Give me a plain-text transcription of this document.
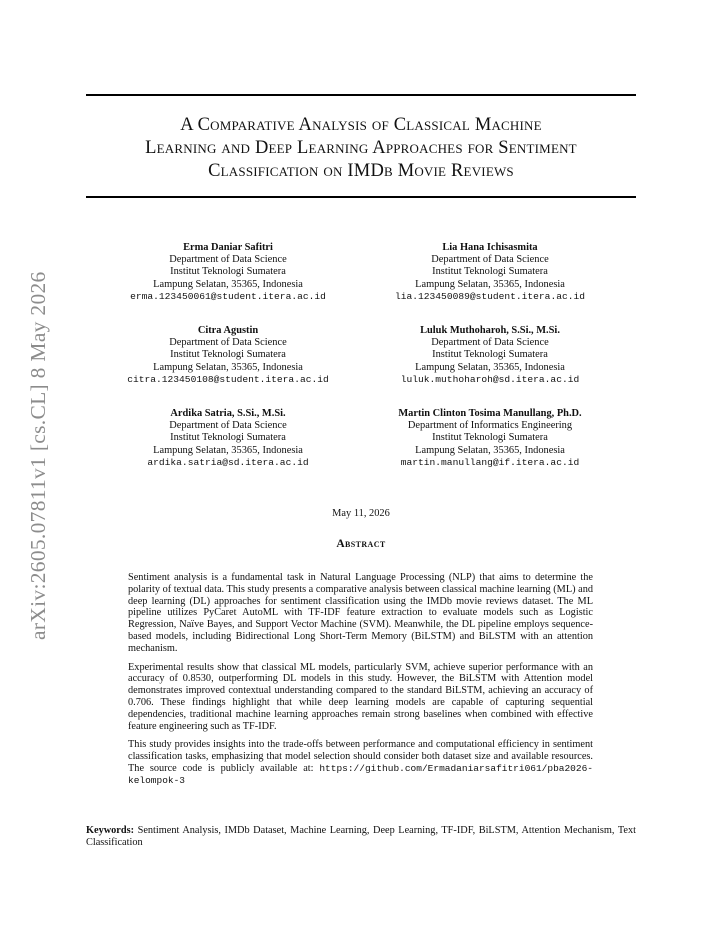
arXiv:2605.07811v1 [cs.CL] 8 May 2026
A Comparative Analysis of Classical Machine
Learning and Deep Learning Approaches for Sentiment
Classification on IMDb Movie Reviews
Erma Daniar Safitri
Department of Data Science
Institut Teknologi Sumatera
Lampung Selatan, 35365, Indonesia
erma.123450061@student.itera.ac.id
Lia Hana Ichisasmita
Department of Data Science
Institut Teknologi Sumatera
Lampung Selatan, 35365, Indonesia
lia.123450089@student.itera.ac.id
Citra Agustin
Department of Data Science
Institut Teknologi Sumatera
Lampung Selatan, 35365, Indonesia
citra.123450108@student.itera.ac.id
Luluk Muthoharoh, S.Si., M.Si.
Department of Data Science
Institut Teknologi Sumatera
Lampung Selatan, 35365, Indonesia
luluk.muthoharoh@sd.itera.ac.id
Ardika Satria, S.Si., M.Si.
Department of Data Science
Institut Teknologi Sumatera
Lampung Selatan, 35365, Indonesia
ardika.satria@sd.itera.ac.id
Martin Clinton Tosima Manullang, Ph.D.
Department of Informatics Engineering
Institut Teknologi Sumatera
Lampung Selatan, 35365, Indonesia
martin.manullang@if.itera.ac.id
May 11, 2026
Abstract

Sentiment analysis is a fundamental task in Natural Language Processing (NLP) that aims to determine the polarity of textual data. This study presents a comparative analysis between classical machine learning (ML) and deep learning (DL) approaches for sentiment classification using the IMDb movie reviews dataset. The ML pipeline utilizes PyCaret AutoML with TF-IDF feature extraction to evaluate models such as Logistic Regression, Naïve Bayes, and Support Vector Machine (SVM). Meanwhile, the DL pipeline employs sequence-based models, including Bidirectional Long Short-Term Memory (BiLSTM) and BiLSTM with an attention mechanism.

Experimental results show that classical ML models, particularly SVM, achieve superior performance with an accuracy of 0.8530, outperforming DL models in this study. However, the BiLSTM with Attention model demonstrates improved contextual understanding compared to the standard BiLSTM, achieving an accuracy of 0.706. These findings highlight that while deep learning models are capable of capturing sequential dependencies, traditional machine learning approaches remain strong baselines when combined with effective feature engineering such as TF-IDF.

This study provides insights into the trade-offs between performance and computational efficiency in sentiment classification tasks, emphasizing that model selection should consider both dataset size and available resources. The source code is publicly available at: https://github.com/Ermadaniarsafitri061/pba2026-kelompok-3

Keywords: Sentiment Analysis, IMDb Dataset, Machine Learning, Deep Learning, TF-IDF, BiLSTM, Attention Mechanism, Text Classification
